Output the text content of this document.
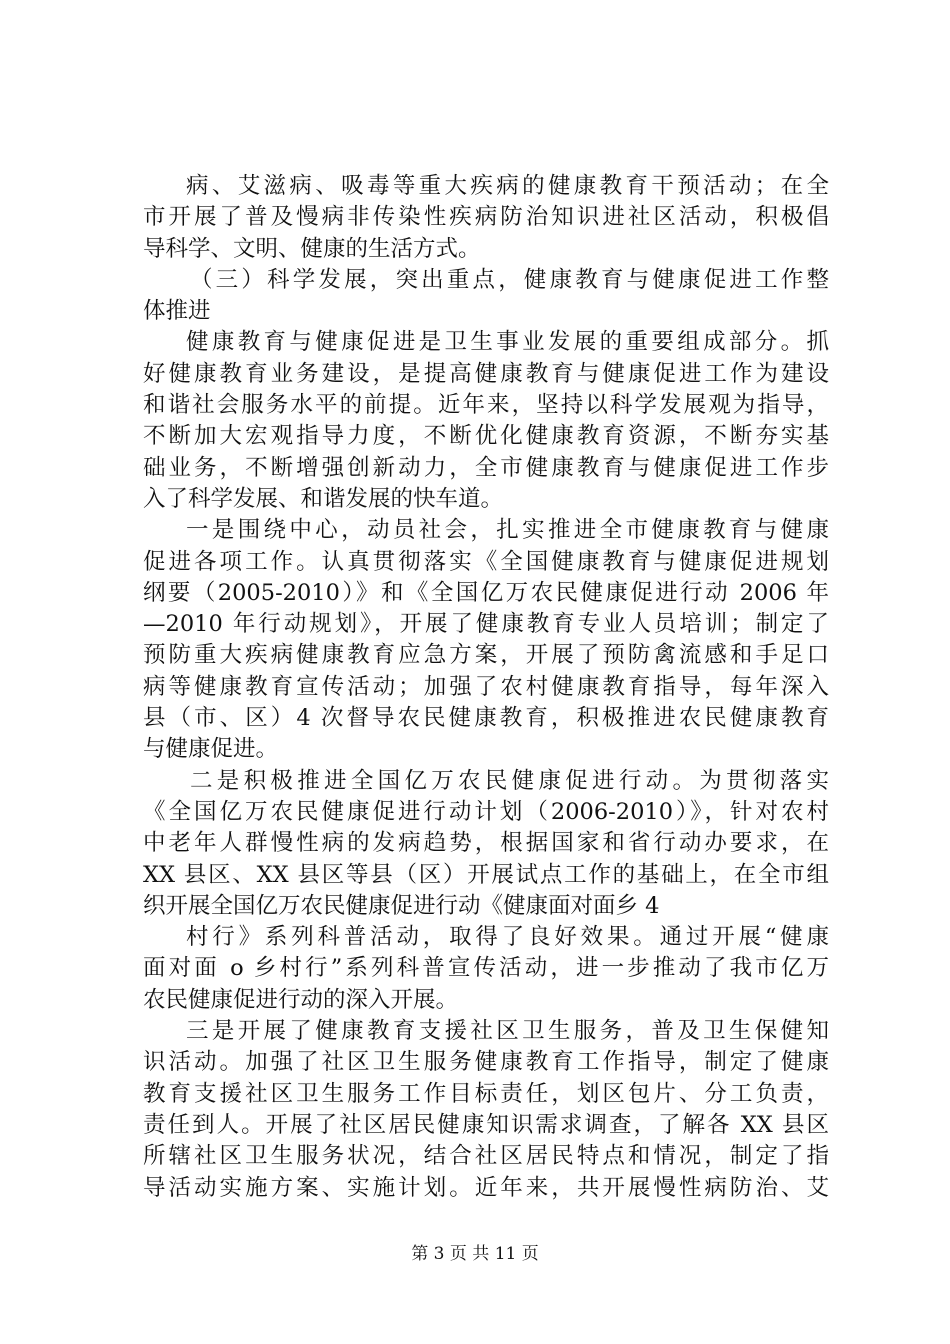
病、艾滋病、吸毒等重大疾病的健康教育干预活动；在全
市开展了普及慢病非传染性疾病防治知识进社区活动，积极倡
导科学、文明、健康的生活方式。
（三）科学发展，突出重点，健康教育与健康促进工作整
体推进
健康教育与健康促进是卫生事业发展的重要组成部分。抓
好健康教育业务建设，是提高健康教育与健康促进工作为建设
和谐社会服务水平的前提。近年来，坚持以科学发展观为指导，
不断加大宏观指导力度，不断优化健康教育资源，不断夯实基
础业务，不断增强创新动力，全市健康教育与健康促进工作步
入了科学发展、和谐发展的快车道。
一是围绕中心，动员社会，扎实推进全市健康教育与健康
促进各项工作。认真贯彻落实《全国健康教育与健康促进规划
纲要（2005-2010）》和《全国亿万农民健康促进行动 2006 年
—2010 年行动规划》，开展了健康教育专业人员培训；制定了
预防重大疾病健康教育应急方案，开展了预防禽流感和手足口
病等健康教育宣传活动；加强了农村健康教育指导，每年深入
县（市、区）4 次督导农民健康教育，积极推进农民健康教育
与健康促进。
二是积极推进全国亿万农民健康促进行动。为贯彻落实
《全国亿万农民健康促进行动计划（2006-2010）》，针对农村
中老年人群慢性病的发病趋势，根据国家和省行动办要求，在
XX 县区、XX 县区等县（区）开展试点工作的基础上，在全市组
织开展全国亿万农民健康促进行动《健康面对面乡 4
村行》系列科普活动，取得了良好效果。通过开展“健康
面对面 o 乡村行”系列科普宣传活动，进一步推动了我市亿万
农民健康促进行动的深入开展。
三是开展了健康教育支援社区卫生服务，普及卫生保健知
识活动。加强了社区卫生服务健康教育工作指导，制定了健康
教育支援社区卫生服务工作目标责任，划区包片、分工负责，
责任到人。开展了社区居民健康知识需求调查，了解各 XX 县区
所辖社区卫生服务状况，结合社区居民特点和情况，制定了指
导活动实施方案、实施计划。近年来，共开展慢性病防治、艾
第 3 页 共 11 页
